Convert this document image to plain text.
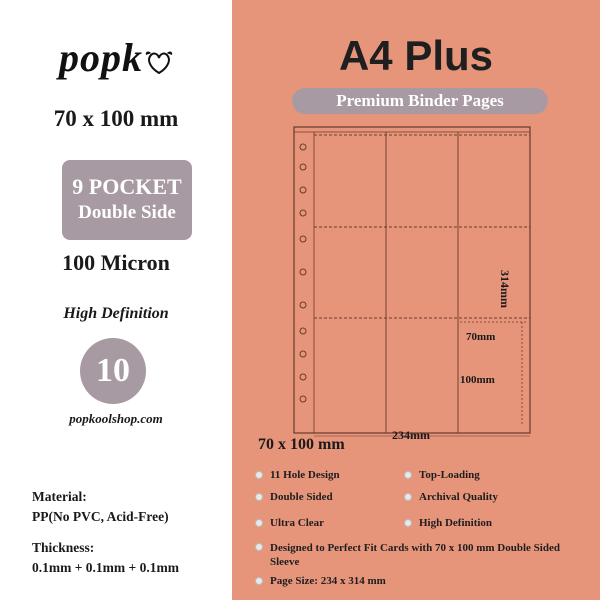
popk
70 x 100 mm
9 POCKET
Double Side
100 Micron
High Definition
10
popkoolshop.com
Material:
PP(No PVC, Acid-Free)
Thickness:
0.1mm + 0.1mm + 0.1mm
A4 Plus
Premium Binder Pages
70mm
100mm
234mm
314mm
70 x 100 mm
11 Hole Design	Top-Loading
Double Sided	Archival Quality
Ultra Clear	High Definition
Designed to Perfect Fit Cards with 70 x 100 mm Double Sided Sleeve
Page Size: 234 x 314 mm
